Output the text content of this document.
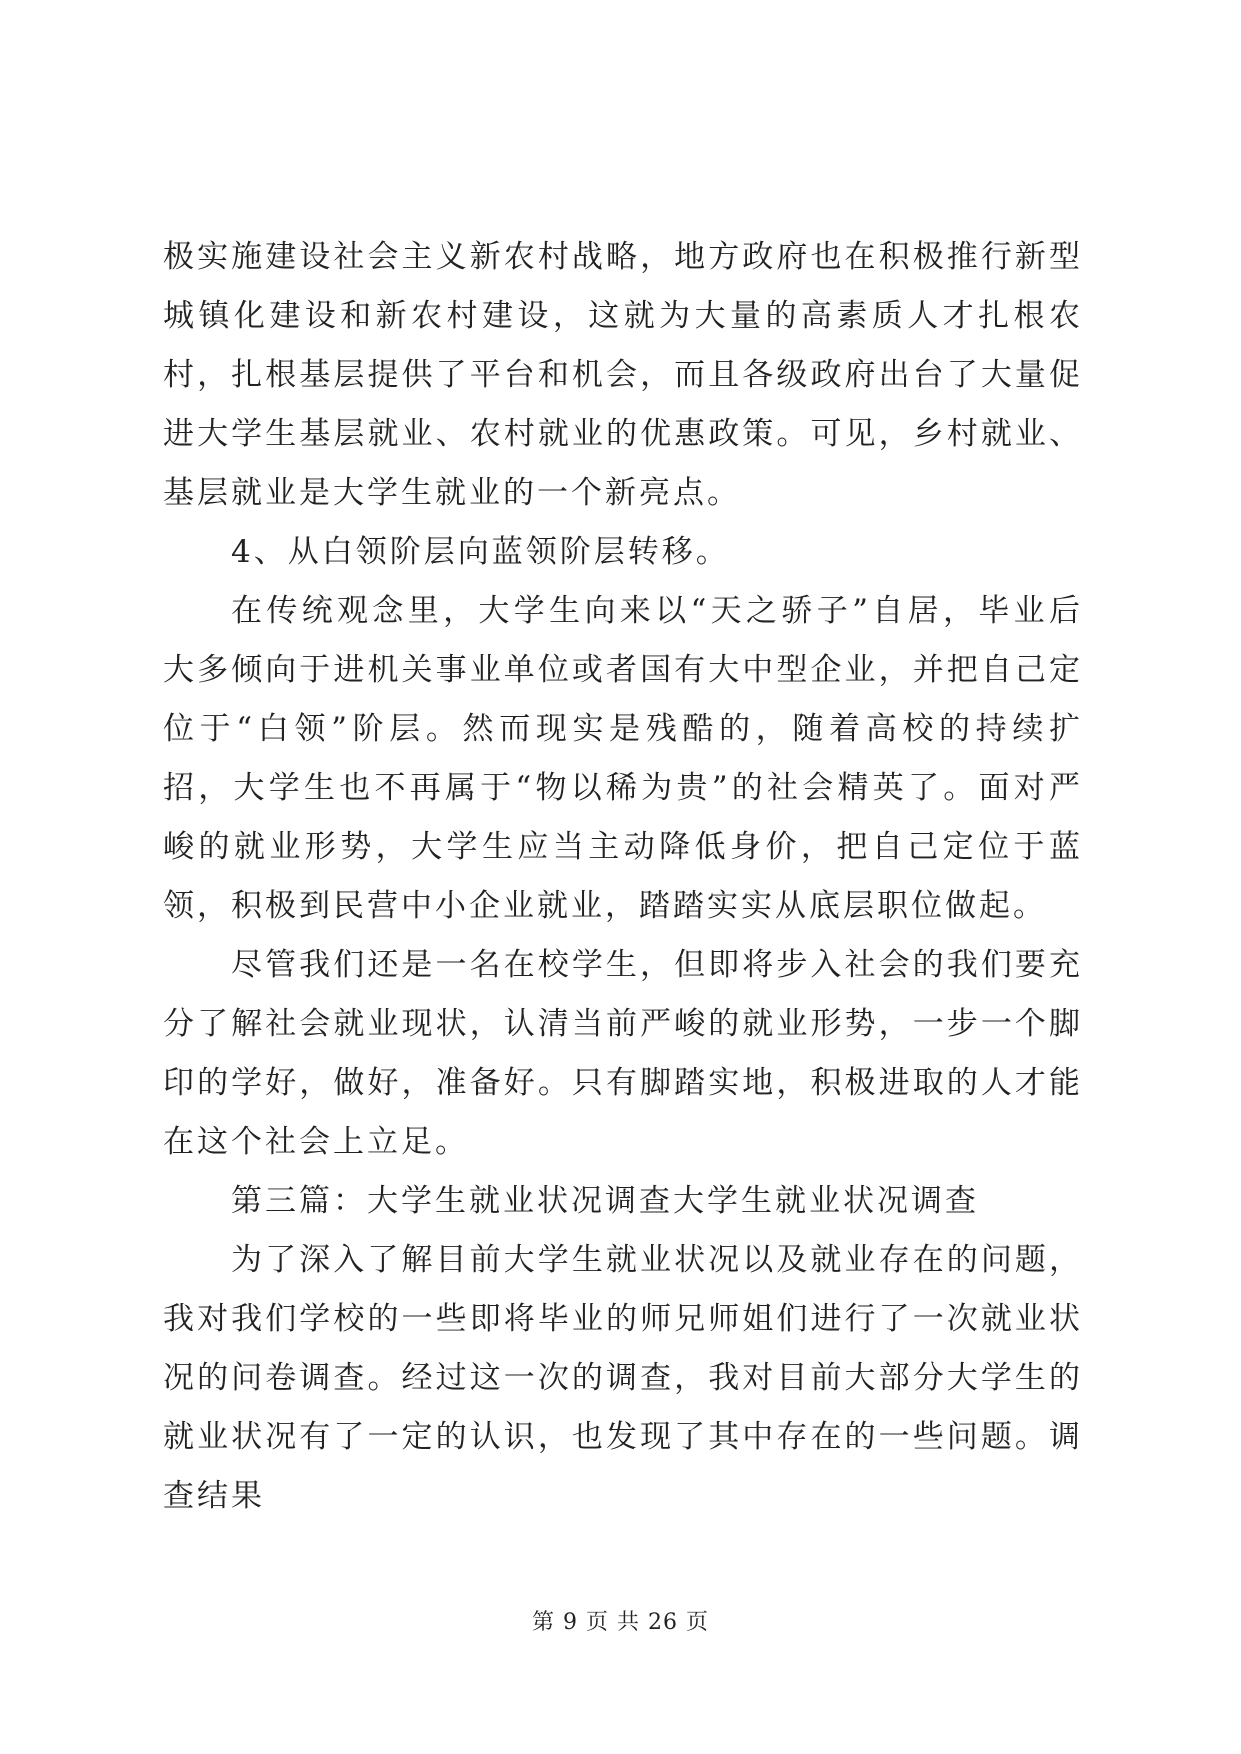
极实施建设社会主义新农村战略，地方政府也在积极推行新型城镇化建设和新农村建设，这就为大量的高素质人才扎根农村，扎根基层提供了平台和机会，而且各级政府出台了大量促进大学生基层就业、农村就业的优惠政策。可见，乡村就业、基层就业是大学生就业的一个新亮点。

4、从白领阶层向蓝领阶层转移。

在传统观念里，大学生向来以“天之骄子”自居，毕业后大多倾向于进机关事业单位或者国有大中型企业，并把自己定位于“白领”阶层。然而现实是残酷的，随着高校的持续扩招，大学生也不再属于“物以稀为贵”的社会精英了。面对严峻的就业形势，大学生应当主动降低身价，把自己定位于蓝领，积极到民营中小企业就业，踏踏实实从底层职位做起。

尽管我们还是一名在校学生，但即将步入社会的我们要充分了解社会就业现状，认清当前严峻的就业形势，一步一个脚印的学好，做好，准备好。只有脚踏实地，积极进取的人才能在这个社会上立足。

第三篇：大学生就业状况调查大学生就业状况调查

为了深入了解目前大学生就业状况以及就业存在的问题，我对我们学校的一些即将毕业的师兄师姐们进行了一次就业状况的问卷调查。经过这一次的调查，我对目前大部分大学生的就业状况有了一定的认识，也发现了其中存在的一些问题。调查结果

第 9 页 共 26 页
